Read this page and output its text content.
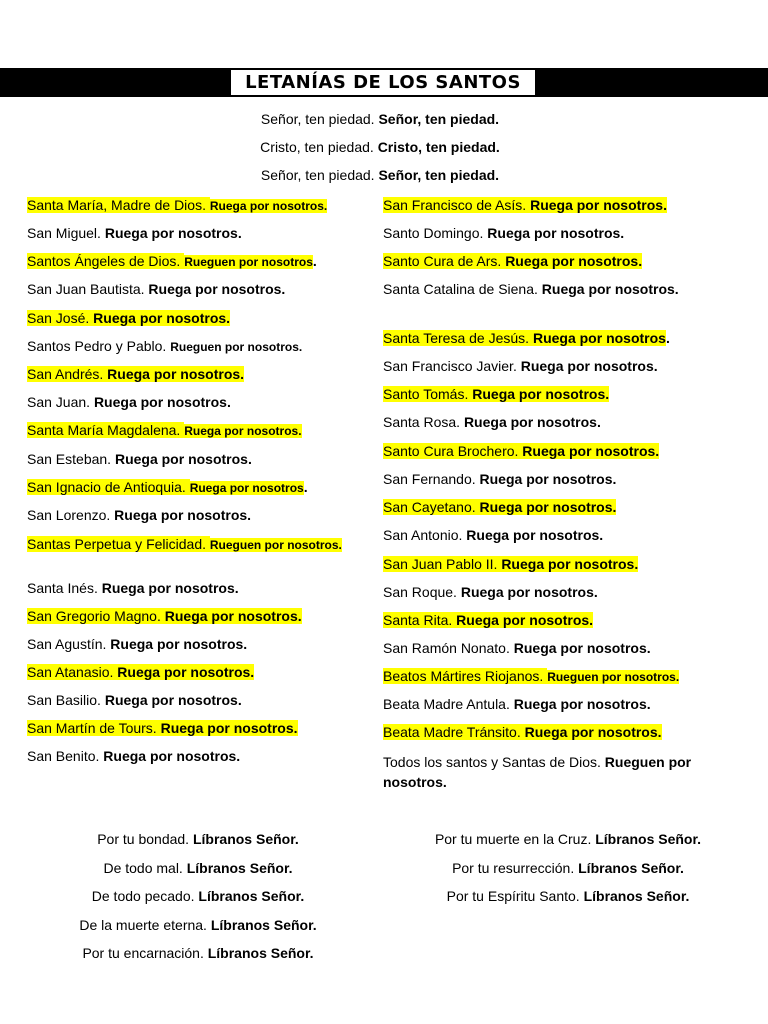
LETANÍAS DE LOS SANTOS
Señor, ten piedad. Señor, ten piedad.
Cristo, ten piedad. Cristo, ten piedad.
Señor, ten piedad. Señor, ten piedad.
Santa María, Madre de Dios. Ruega por nosotros.
San Miguel. Ruega por nosotros.
Santos Ángeles de Dios. Rueguen por nosotros.
San Juan Bautista. Ruega por nosotros.
San José. Ruega por nosotros.
Santos Pedro y Pablo. Rueguen por nosotros.
San Andrés. Ruega por nosotros.
San Juan. Ruega por nosotros.
Santa María Magdalena. Ruega por nosotros.
San Esteban. Ruega por nosotros.
San Ignacio de Antioquia. Ruega por nosotros.
San Lorenzo. Ruega por nosotros.
Santas Perpetua y Felicidad. Rueguen por nosotros.
Santa Inés. Ruega por nosotros.
San Gregorio Magno. Ruega por nosotros.
San Agustín. Ruega por nosotros.
San Atanasio. Ruega por nosotros.
San Basilio. Ruega por nosotros.
San Martín de Tours. Ruega por nosotros.
San Benito. Ruega por nosotros.
San Francisco de Asís. Ruega por nosotros.
Santo Domingo. Ruega por nosotros.
Santo Cura de Ars. Ruega por nosotros.
Santa Catalina de Siena. Ruega por nosotros.
Santa Teresa de Jesús. Ruega por nosotros.
San Francisco Javier. Ruega por nosotros.
Santo Tomás. Ruega por nosotros.
Santa Rosa. Ruega por nosotros.
Santo Cura Brochero. Ruega por nosotros.
San Fernando. Ruega por nosotros.
San Cayetano. Ruega por nosotros.
San Antonio. Ruega por nosotros.
San Juan Pablo II. Ruega por nosotros.
San Roque. Ruega por nosotros.
Santa Rita. Ruega por nosotros.
San Ramón Nonato. Ruega por nosotros.
Beatos Mártires Riojanos. Rueguen por nosotros.
Beata Madre Antula. Ruega por nosotros.
Beata Madre Tránsito. Ruega por nosotros.
Todos los santos y Santas de Dios. Rueguen por nosotros.
Por tu bondad. Líbranos Señor.
De todo mal. Líbranos Señor.
De todo pecado. Líbranos Señor.
De la muerte eterna. Líbranos Señor.
Por tu encarnación. Líbranos Señor.
Por tu muerte en la Cruz. Líbranos Señor.
Por tu resurrección. Líbranos Señor.
Por tu Espíritu Santo. Líbranos Señor.
